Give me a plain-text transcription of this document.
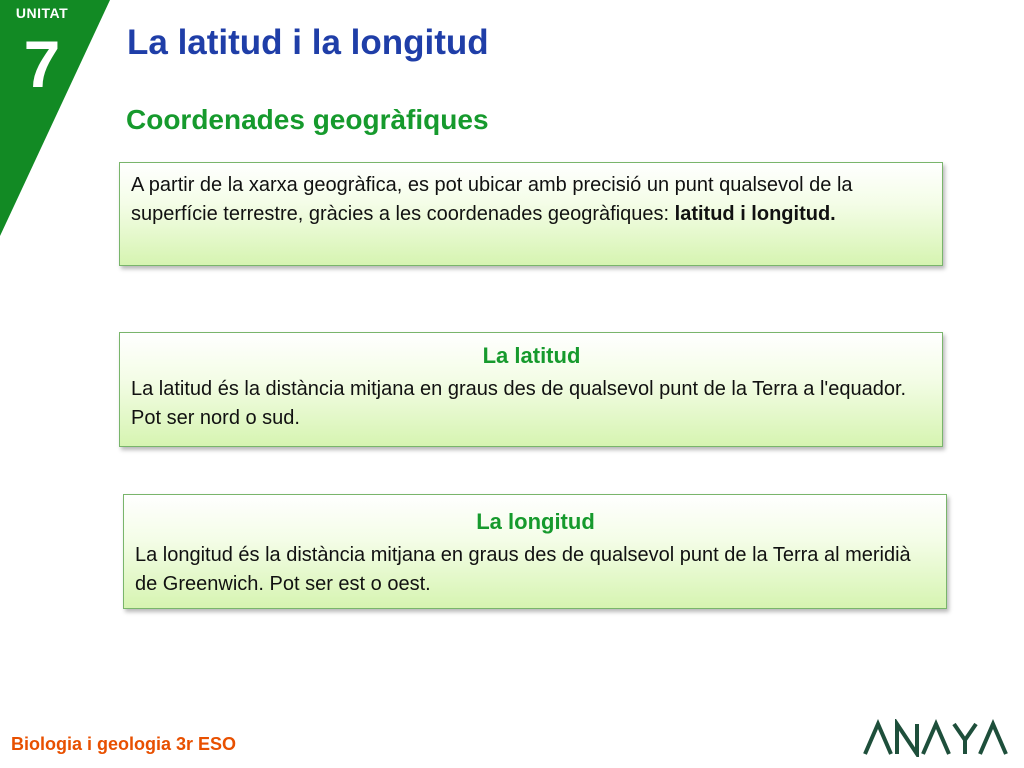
UNITAT
7	La latitud i la longitud
Coordenades geogràfiques

A partir de la xarxa geogràfica, es pot ubicar amb precisió un punt qualsevol de la superfície terrestre, gràcies a les coordenades geogràfiques: latitud i longitud.

La latitud

La latitud és la distància mitjana en graus des de qualsevol punt de la Terra a l'equador. Pot ser nord o sud.

La longitud

La longitud és la distància mitjana en graus des de qualsevol punt de la Terra al meridià de Greenwich. Pot ser est o oest.

Biologia i geologia 3r ESO
